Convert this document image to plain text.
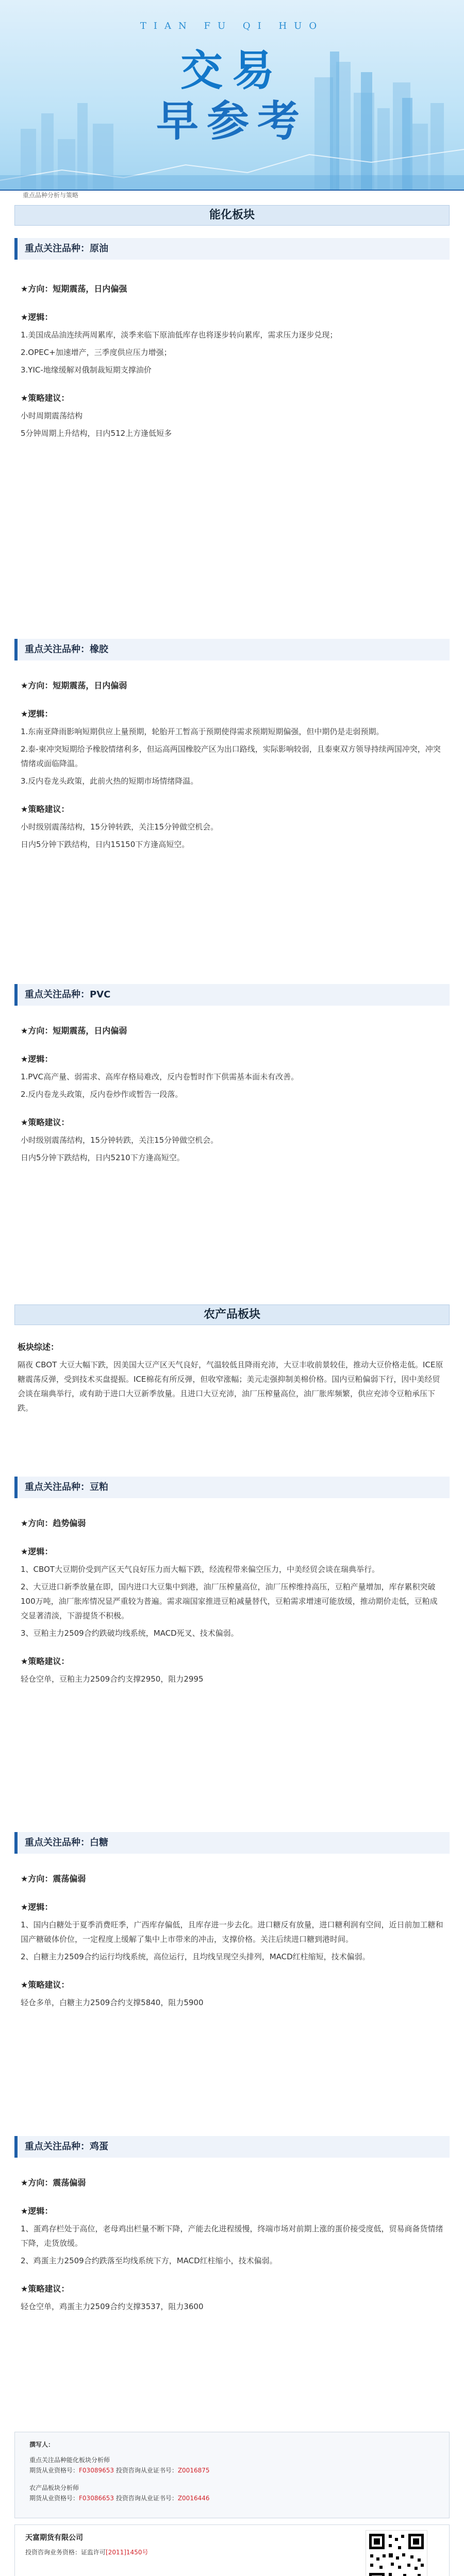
TIAN FU QI HUO
交易
早参考
重点品种分析与策略
能化板块
重点关注品种：原油
★方向：短期震荡，日内偏强
★逻辑：
1.美国成品油连续两周累库，淡季来临下原油低库存也将逐步转向累库，需求压力逐步兑现；
2.OPEC+加速增产，三季度供应压力增强；
3.YIC-地缘缓解对俄制裁短期支撑油价
★策略建议：
小时周期震荡结构
5分钟周期上升结构，日内512上方逢低短多
重点关注品种：橡胶
★方向：短期震荡，日内偏弱
★逻辑：
1.东南亚降雨影响短期供应上量预期，轮胎开工暂高于预期使得需求预期短期偏强，但中期仍是走弱预期。
2.泰-柬冲突短期给予橡胶情绪利多，但运高两国橡胶产区为出口路线，实际影响较弱，且泰柬双方领导持续两国冲突，冲突情绪或面临降温。
3.反内卷龙头政策，此前火热的短期市场情绪降温。
★策略建议：
小时级别震荡结构，15分钟转跌，关注15分钟做空机会。
日内5分钟下跌结构，日内15150下方逢高短空。
重点关注品种：PVC
★方向：短期震荡，日内偏弱
★逻辑：
1.PVC高产量、弱需求、高库存格局难改，反内卷暂时作下供需基本面未有改善。
2.反内卷龙头政策，反内卷炒作或暂告一段落。
★策略建议：
小时级别震荡结构，15分钟转跌，关注15分钟做空机会。
日内5分钟下跌结构，日内5210下方逢高短空。
农产品板块
板块综述：
隔夜 CBOT 大豆大幅下跌，因美国大豆产区天气良好，气温较低且降雨充沛，大豆丰收前景较佳，推动大豆价格走低。ICE原糖震荡反弹，受到技术买盘提振。ICE棉花有所反弹，但收窄涨幅；美元走强抑制美棉价格。国内豆粕偏弱下行，因中美经贸会谈在瑞典举行，或有助于进口大豆新季放量。且进口大豆充沛，油厂压榨量高位，油厂胀库频繁，供应充沛令豆粕承压下跌。
重点关注品种：豆粕
★方向：趋势偏弱
★逻辑：
1、CBOT大豆期价受到产区天气良好压力而大幅下跌，经流程带来偏空压力，中美经贸会谈在瑞典举行。
2、大豆进口新季放量在即，国内进口大豆集中到港，油厂压榨量高位，油厂压榨维持高压，豆粕产量增加，库存累积突破100万吨，油厂胀库情况显严重较为普遍。需求端国家推进豆粕减量替代，豆粕需求增速可能放缓，推动期价走低，豆粕成交显著清淡，下游提货不积极。
3、豆粕主力2509合约跌破均线系统，MACD死叉、技术偏弱。
★策略建议：
轻仓空单，豆粕主力2509合约支撑2950，阻力2995
重点关注品种：白糖
★方向：震荡偏弱
★逻辑：
1、国内白糖处于夏季消费旺季，广西库存偏低，且库存进一步去化。进口糖反有放量，进口糖利润有空间，近日前加工糖和国产糖破体价位，一定程度上缓解了集中上市带来的冲击，支撑价格。关注后续进口糖到港时间。
2、白糖主力2509合约运行均线系统，高位运行，且均线呈现空头排列，MACD红柱缩短，技术偏弱。
★策略建议：
轻仓多单，白糖主力2509合约支撑5840，阻力5900
重点关注品种：鸡蛋
★方向：震荡偏弱
★逻辑：
1、蛋鸡存栏处于高位，老母鸡出栏量不断下降，产能去化进程缓慢，终端市场对前期上涨的蛋价接受度低，贸易商备货情绪下降，走货放缓。
2、鸡蛋主力2509合约跌落至均线系统下方，MACD红柱缩小，技术偏弱。
★策略建议：
轻仓空单，鸡蛋主力2509合约支撑3537，阻力3600
撰写人：
重点关注品种能化板块分析师
期货从业资格号：F03089653 投资咨询从业证书号：Z0016875
农产品板块分析师
期货从业资格号：F03086653 投资咨询从业证书号：Z0016446
天富期货有限公司
投资咨询业务资格：证监许可[2011]1450号
